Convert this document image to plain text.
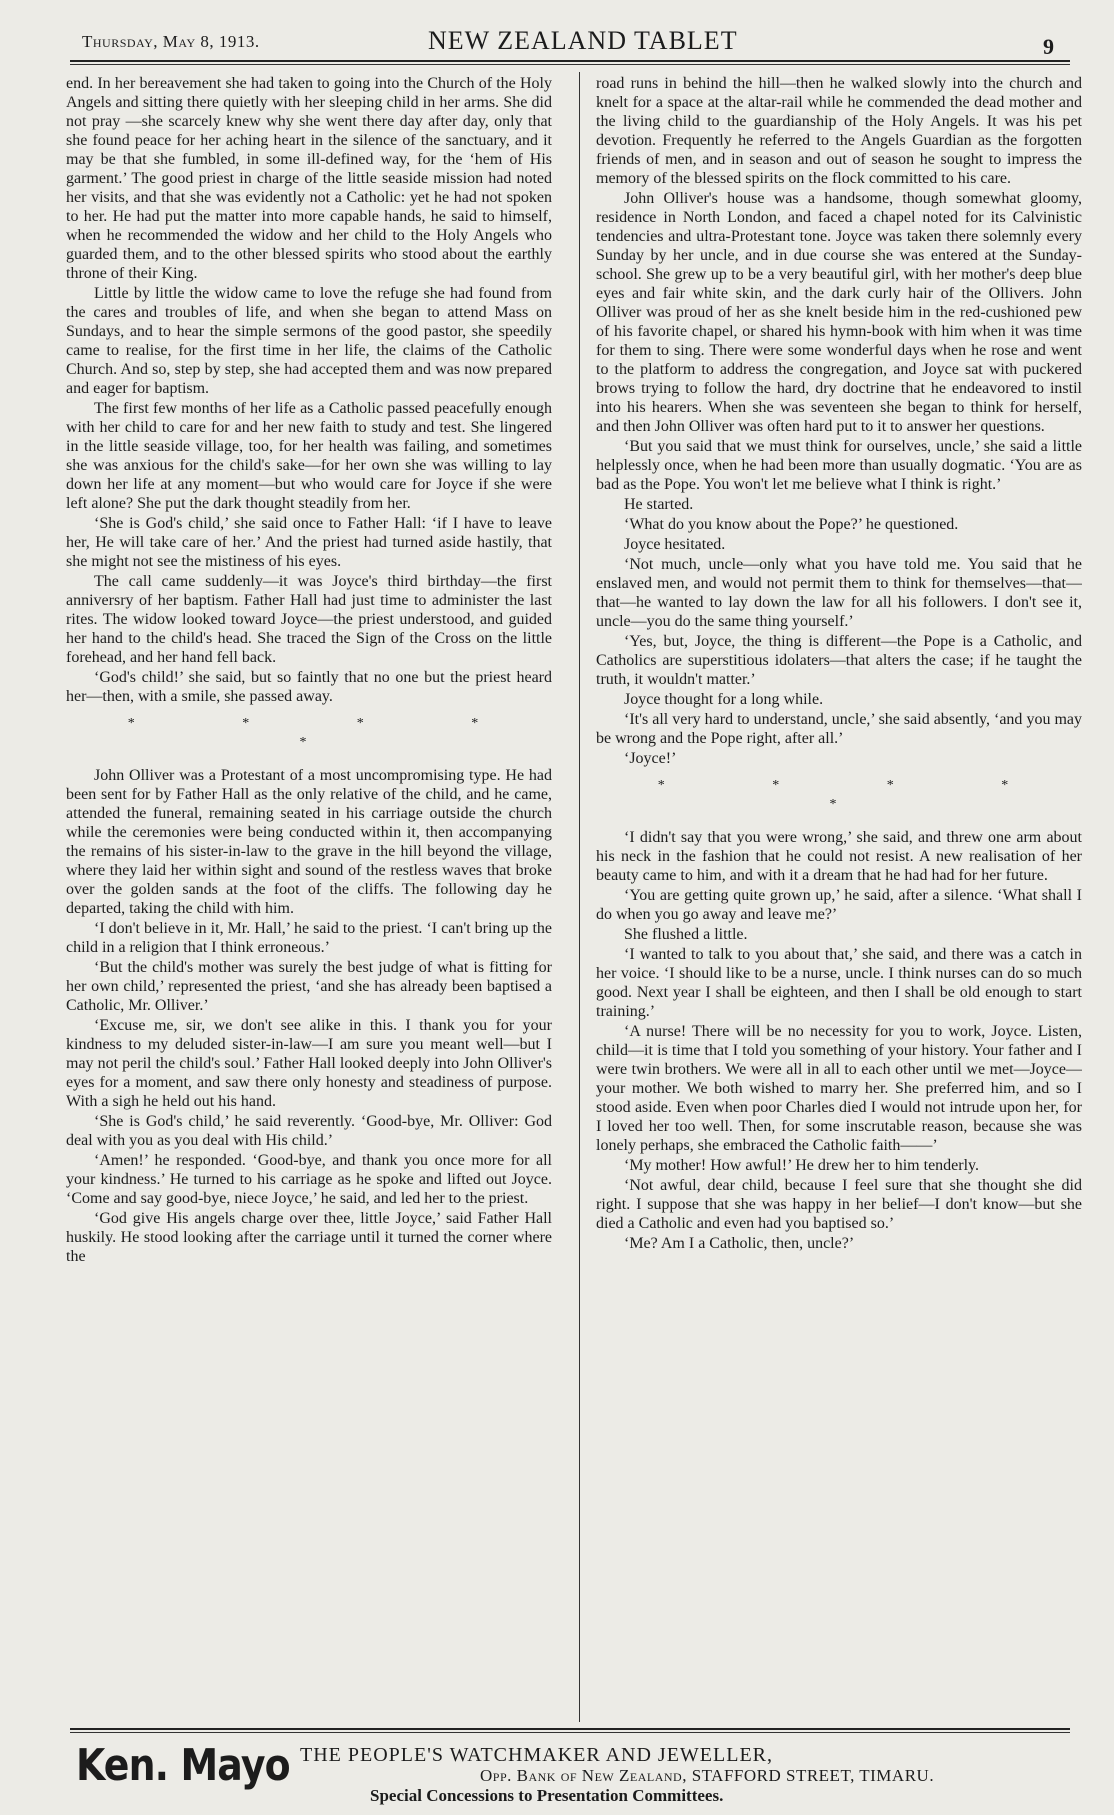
Thursday, May 8, 1913.	NEW ZEALAND TABLET	9

end. In her bereavement she had taken to going into the Church of the Holy Angels and sitting there quietly with her sleeping child in her arms. She did not pray —she scarcely knew why she went there day after day, only that she found peace for her aching heart in the silence of the sanctuary, and it may be that she fumbled, in some ill-defined way, for the ‘hem of His garment.’ The good priest in charge of the little seaside mission had noted her visits, and that she was evidently not a Catholic: yet he had not spoken to her. He had put the matter into more capable hands, he said to himself, when he recommended the widow and her child to the Holy Angels who guarded them, and to the other blessed spirits who stood about the earthly throne of their King.

Little by little the widow came to love the refuge she had found from the cares and troubles of life, and when she began to attend Mass on Sundays, and to hear the simple sermons of the good pastor, she speedily came to realise, for the first time in her life, the claims of the Catholic Church. And so, step by step, she had accepted them and was now prepared and eager for baptism.

The first few months of her life as a Catholic passed peacefully enough with her child to care for and her new faith to study and test. She lingered in the little seaside village, too, for her health was failing, and sometimes she was anxious for the child's sake—for her own she was willing to lay down her life at any moment—but who would care for Joyce if she were left alone? She put the dark thought steadily from her.

‘She is God's child,’ she said once to Father Hall: ‘if I have to leave her, He will take care of her.’ And the priest had turned aside hastily, that she might not see the mistiness of his eyes.

The call came suddenly—it was Joyce's third birthday—the first anniversry of her baptism. Father Hall had just time to administer the last rites. The widow looked toward Joyce—the priest understood, and guided her hand to the child's head. She traced the Sign of the Cross on the little forehead, and her hand fell back.

‘God's child!’ she said, but so faintly that no one but the priest heard her—then, with a smile, she passed away.

* * * * *

John Olliver was a Protestant of a most uncompromising type. He had been sent for by Father Hall as the only relative of the child, and he came, attended the funeral, remaining seated in his carriage outside the church while the ceremonies were being conducted within it, then accompanying the remains of his sister-in-law to the grave in the hill beyond the village, where they laid her within sight and sound of the restless waves that broke over the golden sands at the foot of the cliffs. The following day he departed, taking the child with him.

‘I don't believe in it, Mr. Hall,’ he said to the priest. ‘I can't bring up the child in a religion that I think erroneous.’

‘But the child's mother was surely the best judge of what is fitting for her own child,’ represented the priest, ‘and she has already been baptised a Catholic, Mr. Olliver.’

‘Excuse me, sir, we don't see alike in this. I thank you for your kindness to my deluded sister-in-law—I am sure you meant well—but I may not peril the child's soul.’ Father Hall looked deeply into John Olliver's eyes for a moment, and saw there only honesty and steadiness of purpose. With a sigh he held out his hand.

‘She is God's child,’ he said reverently. ‘Good-bye, Mr. Olliver: God deal with you as you deal with His child.’

‘Amen!’ he responded. ‘Good-bye, and thank you once more for all your kindness.’ He turned to his carriage as he spoke and lifted out Joyce. ‘Come and say good-bye, niece Joyce,’ he said, and led her to the priest.

‘God give His angels charge over thee, little Joyce,’ said Father Hall huskily. He stood looking after the carriage until it turned the corner where the

road runs in behind the hill—then he walked slowly into the church and knelt for a space at the altar-rail while he commended the dead mother and the living child to the guardianship of the Holy Angels. It was his pet devotion. Frequently he referred to the Angels Guardian as the forgotten friends of men, and in season and out of season he sought to impress the memory of the blessed spirits on the flock committed to his care.

John Olliver's house was a handsome, though somewhat gloomy, residence in North London, and faced a chapel noted for its Calvinistic tendencies and ultra-Protestant tone. Joyce was taken there solemnly every Sunday by her uncle, and in due course she was entered at the Sunday-school. She grew up to be a very beautiful girl, with her mother's deep blue eyes and fair white skin, and the dark curly hair of the Ollivers. John Olliver was proud of her as she knelt beside him in the red-cushioned pew of his favorite chapel, or shared his hymn-book with him when it was time for them to sing. There were some wonderful days when he rose and went to the platform to address the congregation, and Joyce sat with puckered brows trying to follow the hard, dry doctrine that he endeavored to instil into his hearers. When she was seventeen she began to think for herself, and then John Olliver was often hard put to it to answer her questions.

‘But you said that we must think for ourselves, uncle,’ she said a little helplessly once, when he had been more than usually dogmatic. ‘You are as bad as the Pope. You won't let me believe what I think is right.’

He started.

‘What do you know about the Pope?’ he questioned.

Joyce hesitated.

‘Not much, uncle—only what you have told me. You said that he enslaved men, and would not permit them to think for themselves—that—that—he wanted to lay down the law for all his followers. I don't see it, uncle—you do the same thing yourself.’

‘Yes, but, Joyce, the thing is different—the Pope is a Catholic, and Catholics are superstitious idolaters—that alters the case; if he taught the truth, it wouldn't matter.’

Joyce thought for a long while.

‘It's all very hard to understand, uncle,’ she said absently, ‘and you may be wrong and the Pope right, after all.’

‘Joyce!’

* * * * *

‘I didn't say that you were wrong,’ she said, and threw one arm about his neck in the fashion that he could not resist. A new realisation of her beauty came to him, and with it a dream that he had had for her future.

‘You are getting quite grown up,’ he said, after a silence. ‘What shall I do when you go away and leave me?’

She flushed a little.

‘I wanted to talk to you about that,’ she said, and there was a catch in her voice. ‘I should like to be a nurse, uncle. I think nurses can do so much good. Next year I shall be eighteen, and then I shall be old enough to start training.’

‘A nurse! There will be no necessity for you to work, Joyce. Listen, child—it is time that I told you something of your history. Your father and I were twin brothers. We were all in all to each other until we met—Joyce—your mother. We both wished to marry her. She preferred him, and so I stood aside. Even when poor Charles died I would not intrude upon her, for I loved her too well. Then, for some inscrutable reason, because she was lonely perhaps, she embraced the Catholic faith——’

‘My mother! How awful!’ He drew her to him tenderly.

‘Not awful, dear child, because I feel sure that she thought she did right. I suppose that she was happy in her belief—I don't know—but she died a Catholic and even had you baptised so.’

‘Me? Am I a Catholic, then, uncle?’

Ken. Mayo THE PEOPLE'S WATCHMAKER AND JEWELLER,
Opp. Bank of New Zealand, STAFFORD STREET, TIMARU.
Special Concessions to Presentation Committees.
